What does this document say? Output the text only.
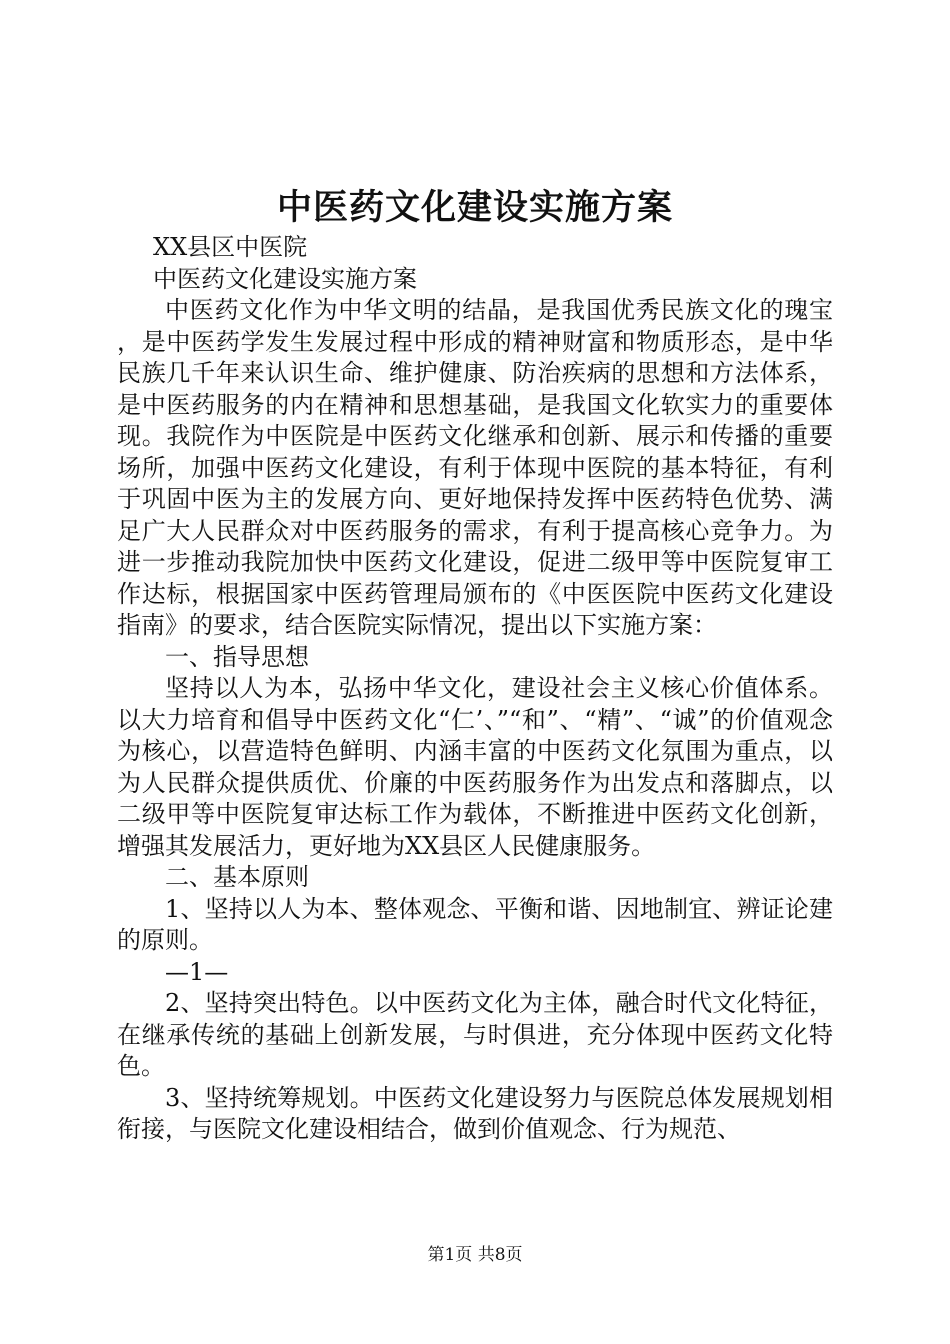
中医药文化建设实施方案

XX县区中医院

中医药文化建设实施方案

中医药文化作为中华文明的结晶，是我国优秀民族文化的瑰宝，是中医药学发生发展过程中形成的精神财富和物质形态，是中华民族几千年来认识生命、维护健康、防治疾病的思想和方法体系，是中医药服务的内在精神和思想基础，是我国文化软实力的重要体现。我院作为中医院是中医药文化继承和创新、展示和传播的重要场所，加强中医药文化建设，有利于体现中医院的基本特征，有利于巩固中医为主的发展方向、更好地保持发挥中医药特色优势、满足广大人民群众对中医药服务的需求，有利于提高核心竞争力。为进一步推动我院加快中医药文化建设，促进二级甲等中医院复审工作达标，根据国家中医药管理局颁布的《中医医院中医药文化建设指南》的要求，结合医院实际情况，提出以下实施方案：

一、指导思想

坚持以人为本，弘扬中华文化，建设社会主义核心价值体系。以大力培育和倡导中医药文化“仁’、”“和”、“精”、“诚”的价值观念为核心，以营造特色鲜明、内涵丰富的中医药文化氛围为重点，以为人民群众提供质优、价廉的中医药服务作为出发点和落脚点，以二级甲等中医院复审达标工作为载体，不断推进中医药文化创新，增强其发展活力，更好地为XX县区人民健康服务。

二、基本原则

1、坚持以人为本、整体观念、平衡和谐、因地制宜、辨证论建的原则。

—1—

2、坚持突出特色。以中医药文化为主体，融合时代文化特征，在继承传统的基础上创新发展，与时俱进，充分体现中医药文化特色。

3、坚持统筹规划。中医药文化建设努力与医院总体发展规划相衔接，与医院文化建设相结合，做到价值观念、行为规范、

第1页 共8页
